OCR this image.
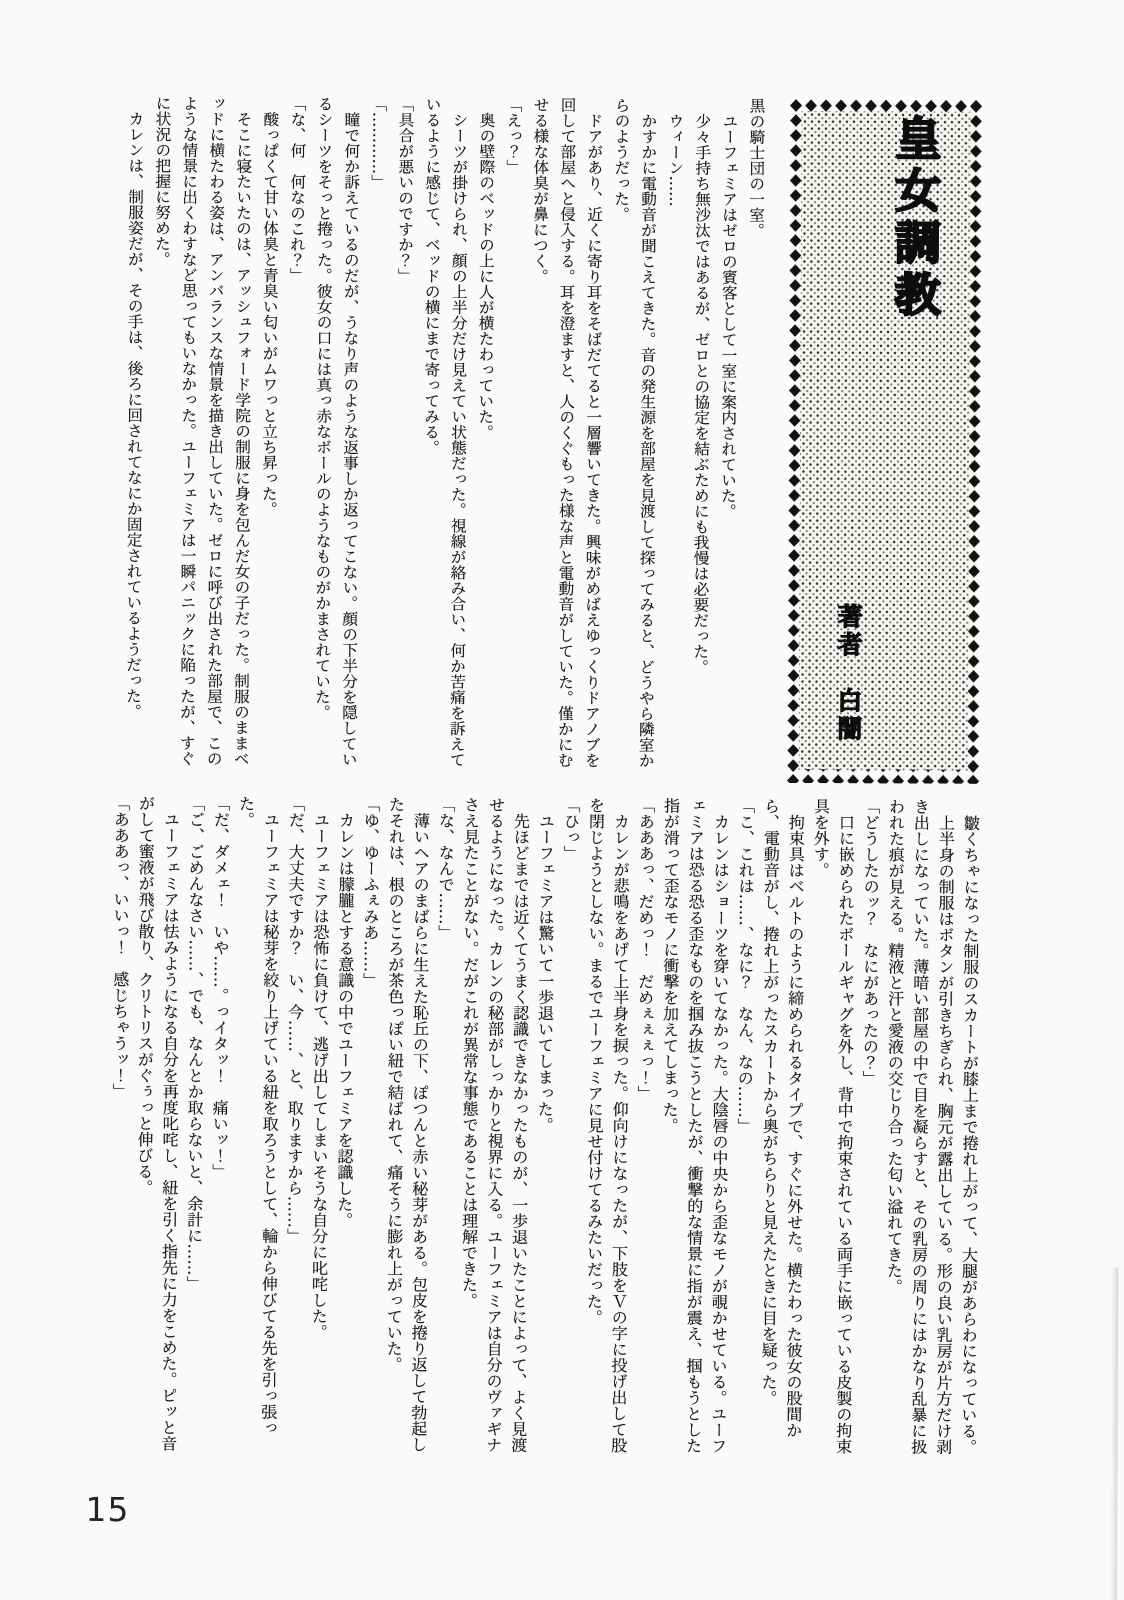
皇女調教
著者　白闇

黒の騎士団の一室。

　ユーフェミアはゼロの賓客として一室に案内されていた。

　少々手持ち無沙汰ではあるが、ゼロとの協定を結ぶためにも我慢は必要だった。

　ウィーン……

　かすかに電動音が聞こえてきた。音の発生源を部屋を見渡して探ってみると、どうやら隣室からのようだった。

　ドアがあり、近くに寄り耳をそばだてると一層響いてきた。興味がめばえゆっくりドアノブを回して部屋へと侵入する。耳を澄ますと、人のくぐもった様な声と電動音がしていた。僅かにむせる様な体臭が鼻につく。

「えっ？」

　奥の壁際のベッドの上に人が横たわっていた。

　シーツが掛けられ、顔の上半分だけ見えてい状態だった。視線が絡み合い、何か苦痛を訴えているように感じて、ベッドの横にまで寄ってみる。

「具合が悪いのですか？」

「…………」

　瞳で何か訴えているのだが、うなり声のような返事しか返ってこない。顔の下半分を隠しているシーツをそっと捲った。彼女の口には真っ赤なボールのようなものがかまされていた。

「な、何　何なのこれ？」

　酸っぱくて甘い体臭と青臭い匂いがムワっと立ち昇った。

　そこに寝たいたのは、アッシュフォード学院の制服に身を包んだ女の子だった。制服のままベッドに横たわる姿は、アンバランスな情景を描き出していた。ゼロに呼び出された部屋で、このような情景に出くわすなど思ってもいなかった。ユーフェミアは一瞬パニックに陥ったが、すぐに状況の把握に努めた。

　カレンは、制服姿だが、その手は、後ろに回されてなにか固定されているようだった。

　皺くちゃになった制服のスカートが膝上まで捲れ上がって、大腿があらわになっている。

　上半身の制服はボタンが引きちぎられ、胸元が露出している。形の良い乳房が片方だけ剥き出しになっていた。薄暗い部屋の中で目を凝らすと、その乳房の周りにはかなり乱暴に扱われた痕が見える。精液と汗と愛液の交じり合った匂い溢れてきた。

「どうしたのッ？　なにがあったの？」

　口に嵌められたボールギャグを外し、背中で拘束されている両手に嵌っている皮製の拘束具を外す。

　拘束具はベルトのように締められるタイプで、すぐに外せた。横たわった彼女の股間から、電動音がし、捲れ上がったスカートから奥がちらりと見えたときに目を疑った。

「こ、これは……、なに？　なん、なの……」

　カレンはショーツを穿いてなかった。大陰唇の中央から歪なモノが覗かせている。ユーフェミアは恐る恐る歪なものを掴み抜こうとしたが、衝撃的な情景に指が震え、掴もうとした指が滑って歪なモノに衝撃を加えてしまった。

「あああっ、だめっ！　だめぇぇぇっ！」

　カレンが悲鳴をあげて上半身を捩った。仰向けになったが、下肢をＶの字に投げ出して股を閉じようとしない。まるでユーフェミアに見せ付けてるみたいだった。

「ひっ」

　ユーフェミアは驚いて一歩退いてしまった。

　先ほどまでは近くてうまく認識できなかったものが、一歩退いたことによって、よく見渡せるようになった。カレンの秘部がしっかりと視界に入る。ユーフェミアは自分のヴァギナさえ見たことがない。だがこれが異常な事態であることは理解できた。

「な、なんで……」

　薄いヘアのまばらに生えた恥丘の下、ぽつんと赤い秘芽がある。包皮を捲り返して勃起したそれは、根のところが茶色っぽい紐で結ばれて、痛そうに膨れ上がっていた。

「ゆ、ゆーふぇみあ……」

　カレンは朦朧とする意識の中でユーフェミアを認識した。

　ユーフェミアは恐怖に負けて、逃げ出してしまいそうな自分に叱咤した。

「だ、大丈夫ですか？　い、今……、と、取りますから……」

　ユーフェミアは秘芽を絞り上げている紐を取ろうとして、輪から伸びてる先を引っ張った。

「だ、ダメェ！　いや……。っイタッ！　痛いッ！」

「ご、ごめんなさい……、でも、なんとか取らないと、余計に……」

　ユーフェミアは怯みようになる自分を再度叱咤し、紐を引く指先に力をこめた。ピッと音がして蜜液が飛び散り、クリトリスがぐぅっと伸びる。

「あああっ、いいっ！　感じちゃうッ！」

15
